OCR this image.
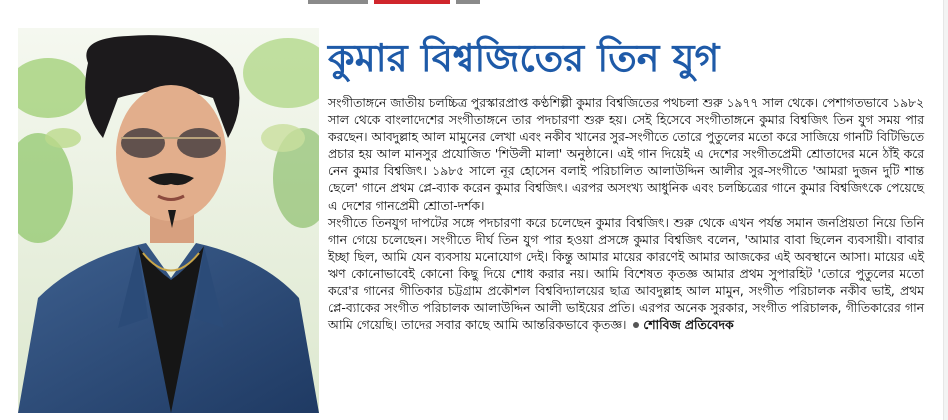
কুমার বিশ্বজিতের তিন যুগ

সংগীতাঙ্গনে জাতীয় চলচ্চিত্র পুরস্কারপ্রাপ্ত কণ্ঠশিল্পী কুমার বিশ্বজিতের পথচলা শুরু ১৯৭৭ সাল থেকে। পেশাগতভাবে ১৯৮২ সাল থেকে বাংলাদেশের সংগীতাঙ্গনে তার পদচারণা শুরু হয়। সেই হিসেবে সংগীতাঙ্গনে কুমার বিশ্বজিৎ তিন যুগ সময় পার করছেন। আবদুল্লাহ আল মামুনের লেখা এবং নকীব খানের সুর-সংগীতে তোরে পুতুলের মতো করে সাজিয়ে গানটি বিটিভিতে প্রচার হয় আল মানসুর প্রযোজিত 'শিউলী মালা' অনুষ্ঠানে। এই গান দিয়েই এ দেশের সংগীতপ্রেমী শ্রোতাদের মনে ঠাঁই করে নেন কুমার বিশ্বজিৎ। ১৯৮৫ সালে নূর হোসেন বলাই পরিচালিত আলাউদ্দিন আলীর সুর-সংগীতে 'আমরা দুজন দুটি শান্ত ছেলে' গানে প্রথম প্লে-ব্যাক করেন কুমার বিশ্বজিৎ। এরপর অসংখ্য আধুনিক এবং চলচ্চিত্রের গানে কুমার বিশ্বজিৎকে পেয়েছে এ দেশের গানপ্রেমী শ্রোতা-দর্শক।

সংগীতে তিনযুগ দাপটের সঙ্গে পদচারণা করে চলেছেন কুমার বিশ্বজিৎ। শুরু থেকে এখন পর্যন্ত সমান জনপ্রিয়তা নিয়ে তিনি গান গেয়ে চলেছেন। সংগীতে দীর্ঘ তিন যুগ পার হওয়া প্রসঙ্গে কুমার বিশ্বজিৎ বলেন, 'আমার বাবা ছিলেন ব্যবসায়ী। বাবার ইচ্ছা ছিল, আমি যেন ব্যবসায় মনোযোগ দেই। কিন্তু আমার মায়ের কারণেই আমার আজকের এই অবস্থানে আসা। মায়ের এই ঋণ কোনোভাবেই কোনো কিছু দিয়ে শোধ করার নয়। আমি বিশেষত কৃতজ্ঞ আমার প্রথম সুপারহিট 'তোরে পুতুলের মতো করে'র গানের গীতিকার চট্টগ্রাম প্রকৌশল বিশ্ববিদ্যালয়ের ছাত্র আবদুল্লাহ আল মামুন, সংগীত পরিচালক নকীব ভাই, প্রথম প্লে-ব্যাকের সংগীত পরিচালক আলাউদ্দিন আলী ভাইয়ের প্রতি। এরপর অনেক সুরকার, সংগীত পরিচালক, গীতিকারের গান আমি গেয়েছি। তাদের সবার কাছে আমি আন্তরিকভাবে কৃতজ্ঞ। শোবিজ প্রতিবেদক
